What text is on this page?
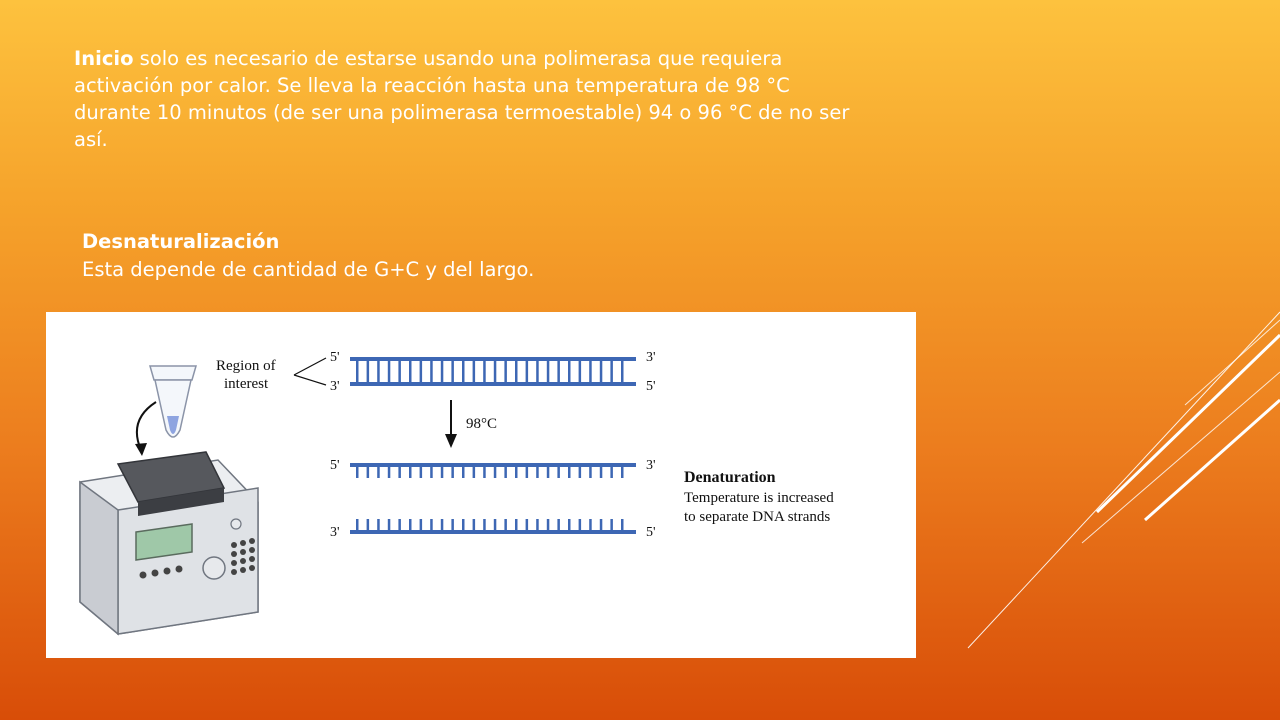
Inicio solo es necesario de estarse usando una polimerasa que requiera activación por calor. Se lleva la reacción hasta una temperatura de 98 °C durante 10 minutos (de ser una polimerasa termoestable) 94 o 96 °C de no ser así.

Desnaturalización

Esta depende de cantidad de G+C y del largo.

Region of
interest
5'	3'
3'	5'
98°C
5'	3'
3'	5'
Denaturation
Temperature is increased
to separate DNA strands
